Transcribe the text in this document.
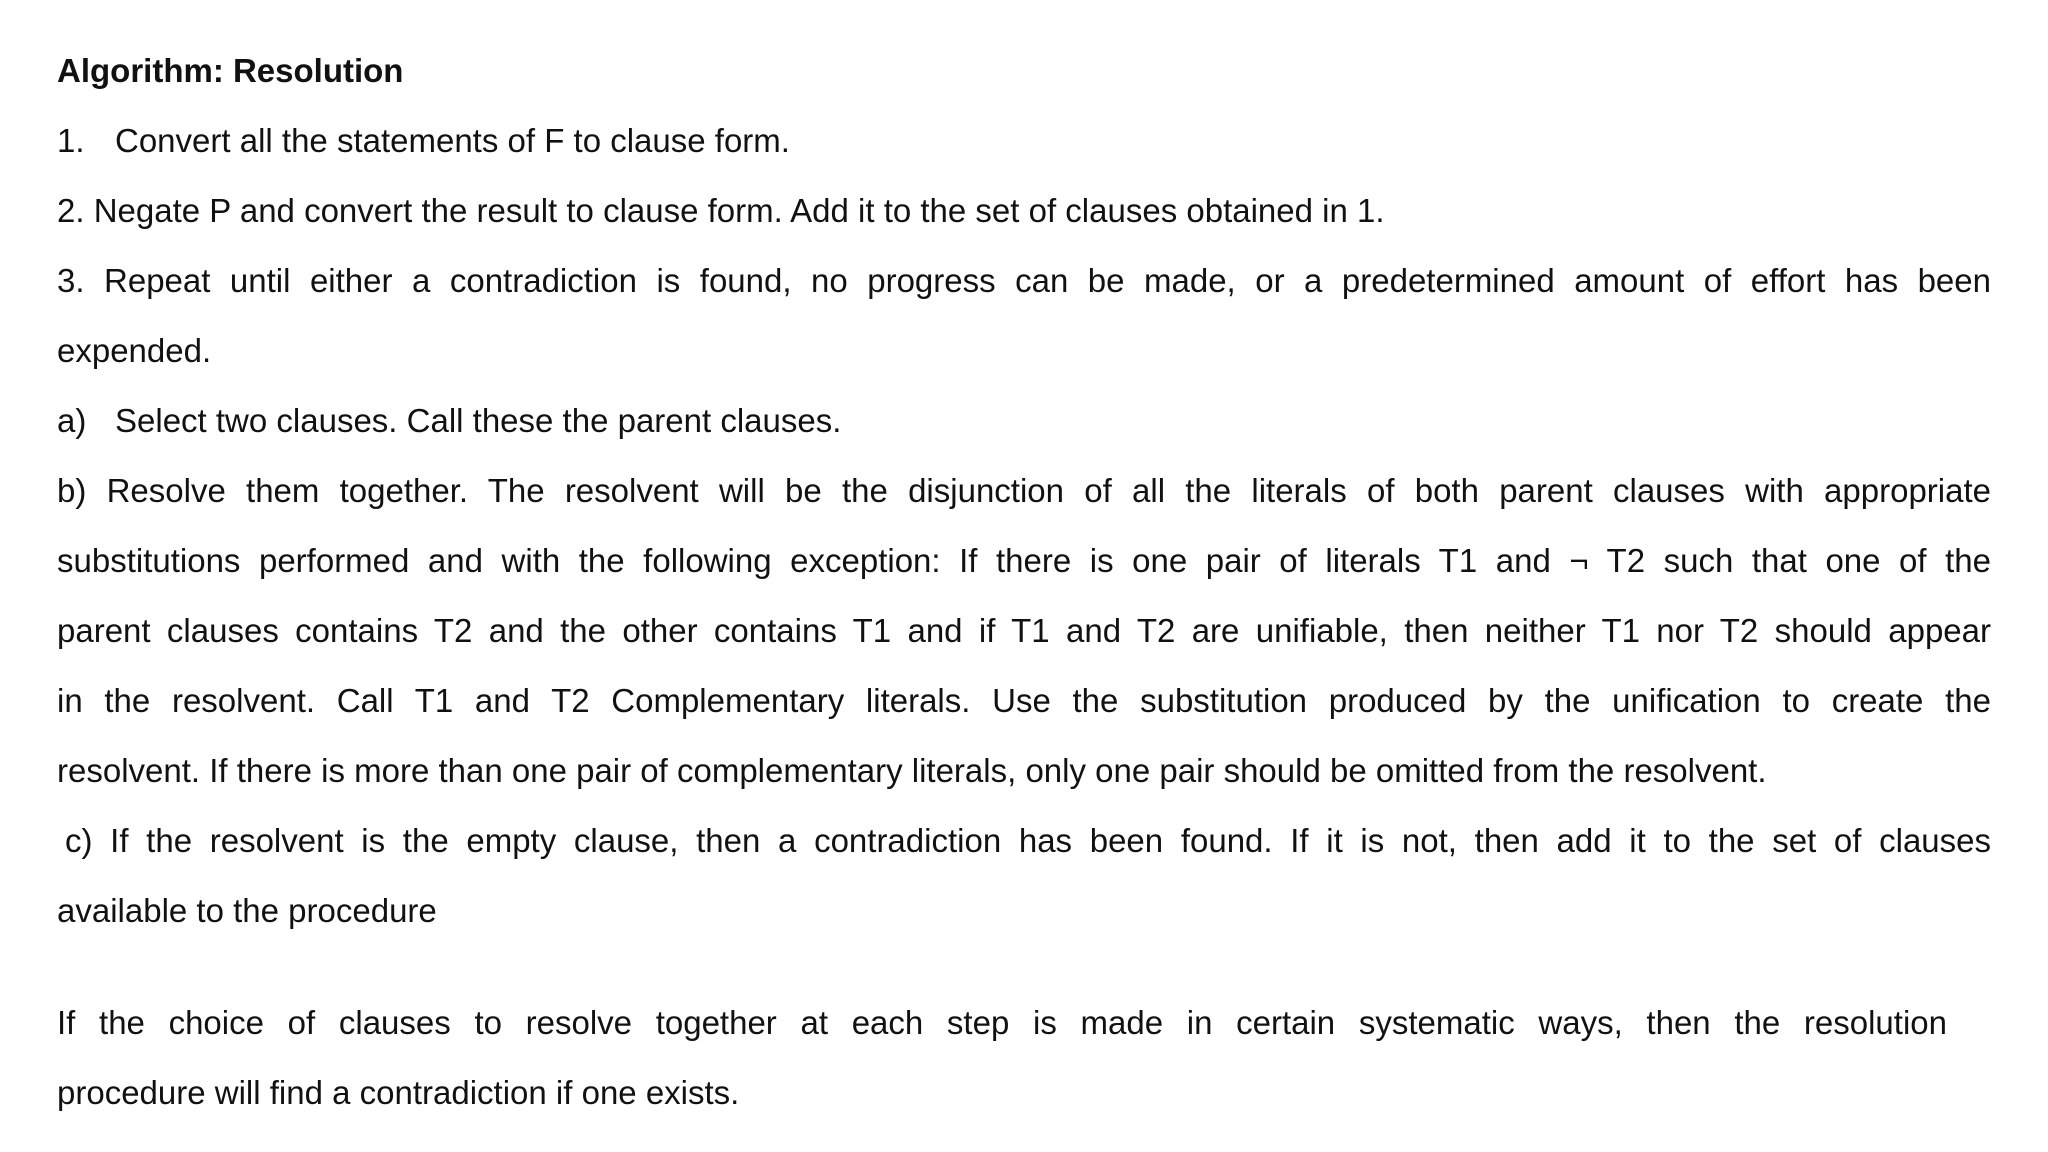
Algorithm: Resolution

1. Convert all the statements of F to clause form.

2. Negate P and convert the result to clause form. Add it to the set of clauses obtained in 1.

3. Repeat until either a contradiction is found, no progress can be made, or a predetermined amount of effort has been

expended.

a) Select two clauses. Call these the parent clauses.

b) Resolve them together. The resolvent will be the disjunction of all the literals of both parent clauses with appropriate

substitutions performed and with the following exception: If there is one pair of literals T1 and ¬ T2 such that one of the

parent clauses contains T2 and the other contains T1 and if T1 and T2 are unifiable, then neither T1 nor T2 should appear

in the resolvent. Call T1 and T2 Complementary literals. Use the substitution produced by the unification to create the

resolvent. If there is more than one pair of complementary literals, only one pair should be omitted from the resolvent.

c) If the resolvent is the empty clause, then a contradiction has been found. If it is not, then add it to the set of clauses

available to the procedure

If the choice of clauses to resolve together at each step is made in certain systematic ways, then the resolution

procedure will find a contradiction if one exists.
